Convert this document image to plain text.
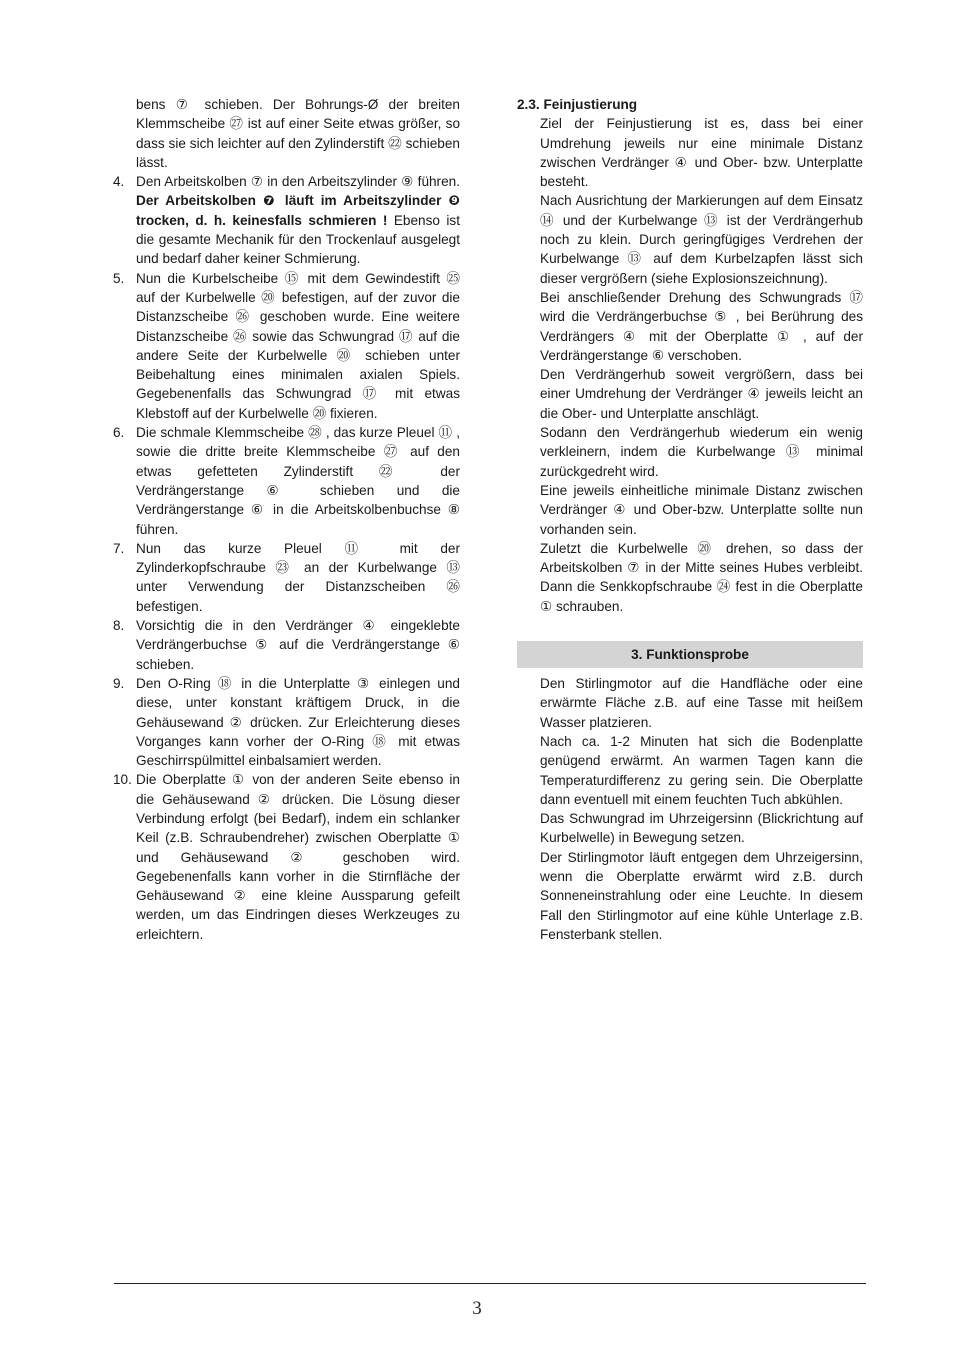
bens ⑦ schieben. Der Bohrungs-Ø der breiten Klemmscheibe ㉗ ist auf einer Seite etwas größer, so dass sie sich leichter auf den Zylinderstift ㉒ schieben lässt.

4. Den Arbeitskolben ⑦ in den Arbeitszylinder ⑨ führen. Der Arbeitskolben ❼ läuft im Arbeitszylinder ❾ trocken, d. h. keinesfalls schmieren ! Ebenso ist die gesamte Mechanik für den Trockenlauf ausgelegt und bedarf daher keiner Schmierung.
5. Nun die Kurbelscheibe ⑮ mit dem Gewindestift ㉕ auf der Kurbelwelle ⑳ befestigen, auf der zuvor die Distanzscheibe ㉖ geschoben wurde. Eine weitere Distanzscheibe ㉖ sowie das Schwungrad ⑰ auf die andere Seite der Kurbelwelle ⑳ schieben unter Beibehaltung eines minimalen axialen Spiels. Gegebenenfalls das Schwungrad ⑰ mit etwas Klebstoff auf der Kurbelwelle ⑳ fixieren.
6. Die schmale Klemmscheibe ㉘ , das kurze Pleuel ⑪ , sowie die dritte breite Klemmscheibe ㉗ auf den etwas gefetteten Zylinderstift ㉒ der Verdrängerstange ⑥ schieben und die Verdrängerstange ⑥ in die Arbeitskolbenbuchse ⑧ führen.
7. Nun das kurze Pleuel ⑪ mit der Zylinderkopfschraube ㉓ an der Kurbelwange ⑬ unter Verwendung der Distanzscheiben ㉖ befestigen.
8. Vorsichtig die in den Verdränger ④ eingeklebte Verdrängerbuchse ⑤ auf die Verdrängerstange ⑥ schieben.
9. Den O-Ring ⑱ in die Unterplatte ③ einlegen und diese, unter konstant kräftigem Druck, in die Gehäusewand ② drücken. Zur Erleichterung dieses Vorganges kann vorher der O-Ring ⑱ mit etwas Geschirrspülmittel einbalsamiert werden.
10. Die Oberplatte ① von der anderen Seite ebenso in die Gehäusewand ② drücken. Die Lösung dieser Verbindung erfolgt (bei Bedarf), indem ein schlanker Keil (z.B. Schraubendreher) zwischen Oberplatte ① und Gehäusewand ② geschoben wird. Gegebenenfalls kann vorher in die Stirnfläche der Gehäusewand ② eine kleine Aussparung gefeilt werden, um das Eindringen dieses Werkzeuges zu erleichtern.

2.3. Feinjustierung

Ziel der Feinjustierung ist es, dass bei einer Umdrehung jeweils nur eine minimale Distanz zwischen Verdränger ④ und Ober- bzw. Unterplatte besteht.

Nach Ausrichtung der Markierungen auf dem Einsatz ⑭ und der Kurbelwange ⑬ ist der Verdrängerhub noch zu klein. Durch geringfügiges Verdrehen der Kurbelwange ⑬ auf dem Kurbelzapfen lässt sich dieser vergrößern (siehe Explosionszeichnung).

Bei anschließender Drehung des Schwungrads ⑰ wird die Verdrängerbuchse ⑤ , bei Berührung des Verdrängers ④ mit der Oberplatte ① , auf der Verdrängerstange ⑥ verschoben.

Den Verdrängerhub soweit vergrößern, dass bei einer Umdrehung der Verdränger ④ jeweils leicht an die Ober- und Unterplatte anschlägt.

Sodann den Verdrängerhub wiederum ein wenig verkleinern, indem die Kurbelwange ⑬ minimal zurückgedreht wird.

Eine jeweils einheitliche minimale Distanz zwischen Verdränger ④ und Ober-bzw. Unterplatte sollte nun vorhanden sein.

Zuletzt die Kurbelwelle ⑳ drehen, so dass der Arbeitskolben ⑦ in der Mitte seines Hubes verbleibt. Dann die Senkkopfschraube ㉔ fest in die Oberplatte ① schrauben.

3. Funktionsprobe

Den Stirlingmotor auf die Handfläche oder eine erwärmte Fläche z.B. auf eine Tasse mit heißem Wasser platzieren.

Nach ca. 1-2 Minuten hat sich die Bodenplatte genügend erwärmt. An warmen Tagen kann die Temperaturdifferenz zu gering sein. Die Oberplatte dann eventuell mit einem feuchten Tuch abkühlen.

Das Schwungrad im Uhrzeigersinn (Blickrichtung auf Kurbelwelle) in Bewegung setzen.

Der Stirlingmotor läuft entgegen dem Uhrzeigersinn, wenn die Oberplatte erwärmt wird z.B. durch Sonneneinstrahlung oder eine Leuchte. In diesem Fall den Stirlingmotor auf eine kühle Unterlage z.B. Fensterbank stellen.

3
